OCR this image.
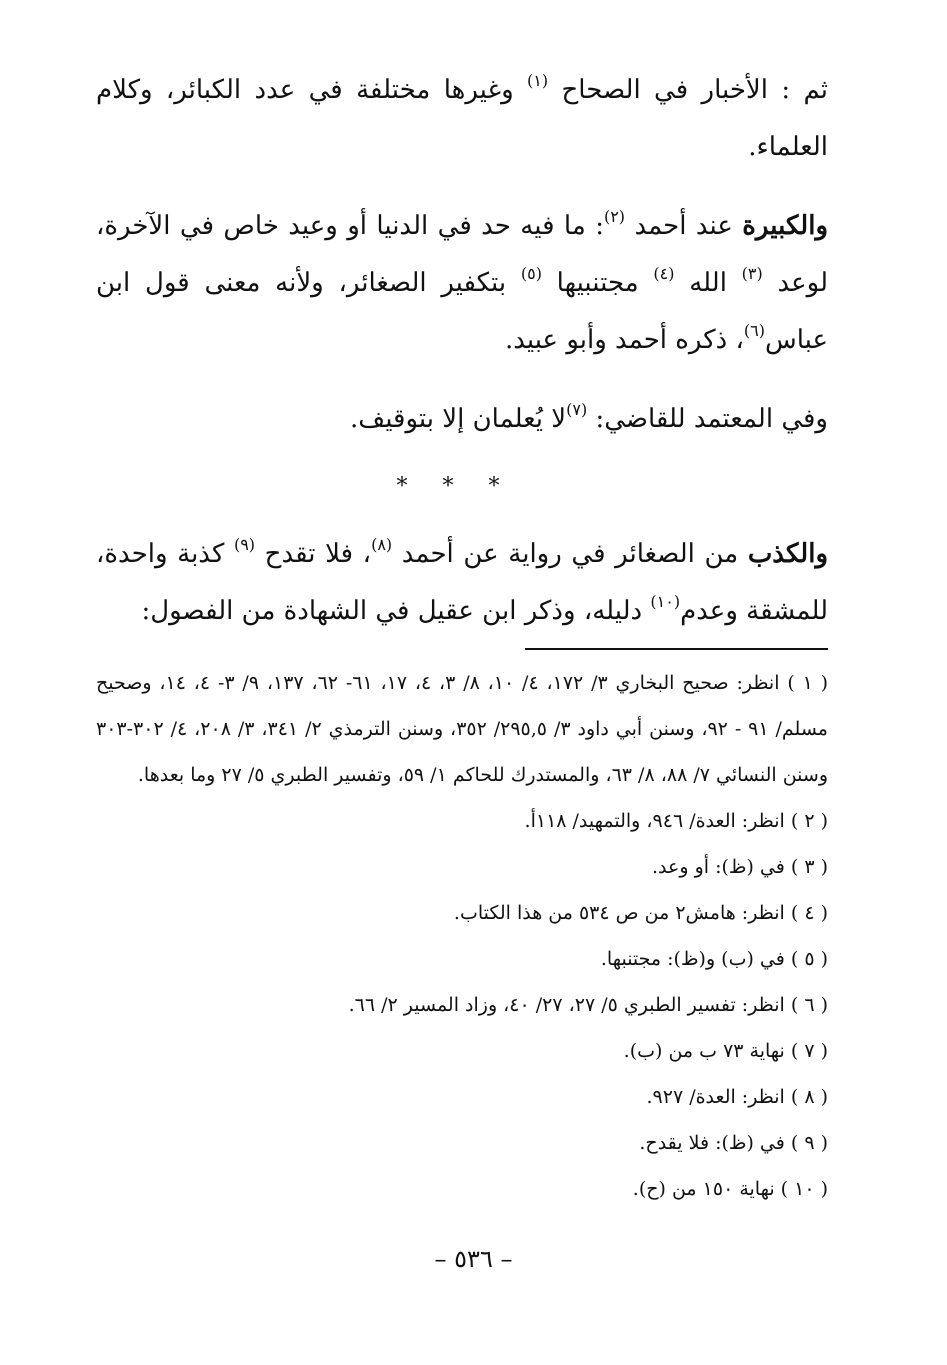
ثم : الأخبار في الصحاح $^{(١)}$ وغيرها مختلفة في عدد الكبائر، وكلام العلماء.

والكبيرة عند أحمد $^{(٢)}$: ما فيه حد في الدنيا أو وعيد خاص في الآخرة، لوعد $^{(٣)}$ الله $^{(٤)}$ مجتنبيها $^{(٥)}$ بتكفير الصغائر، ولأنه معنى قول ابن عباس$^{(٦)}$، ذكره أحمد وأبو عبيد.

وفي المعتمد للقاضي: $^{(٧)}$لا يُعلمان إلا بتوقيف.

* * *

والكذب من الصغائر في رواية عن أحمد $^{(٨)}$، فلا تقدح $^{(٩)}$ كذبة واحدة، للمشقة وعدم$^{(١٠)}$ دليله، وذكر ابن عقيل في الشهادة من الفصول:

( ١ ) انظر: صحيح البخاري ٣/ ١٧٢، ٤/ ١٠، ٨/ ٣، ٤، ١٧، ٦١- ٦٢، ١٣٧، ٩/ ٣- ٤، ١٤، وصحيح مسلم/ ٩١ - ٩٢، وسنن أبي داود ٣/ ٢٩٥,٥/ ٣٥٢، وسنن الترمذي ٢/ ٣٤١، ٣/ ٢٠٨، ٤/ ٣٠٢-٣٠٣ وسنن النسائي ٧/ ٨٨، ٨/ ٦٣، والمستدرك للحاكم ١/ ٥٩، وتفسير الطبري ٥/ ٢٧ وما بعدها.

( ٢ ) انظر: العدة/ ٩٤٦، والتمهيد/ ١١٨أ.

( ٣ ) في (ظ): أو وعد.

( ٤ ) انظر: هامش٢ من ص ٥٣٤ من هذا الكتاب.

( ٥ ) في (ب) و(ظ): مجتنبها.

( ٦ ) انظر: تفسير الطبري ٥/ ٢٧، ٢٧/ ٤٠، وزاد المسير ٢/ ٦٦.

( ٧ ) نهاية ٧٣ ب من (ب).

( ٨ ) انظر: العدة/ ٩٢٧.

( ٩ ) في (ظ): فلا يقدح.

( ١٠ ) نهاية ١٥٠ من (ح).

– ٥٣٦ –
